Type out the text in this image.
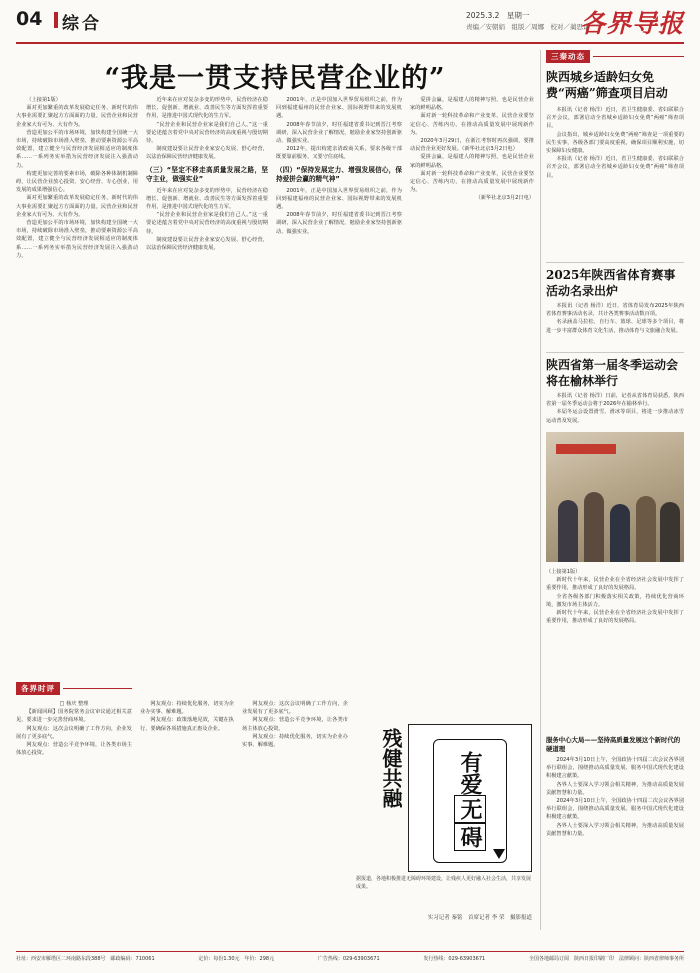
04 综合	2025.3.2　星期一
责编／安朝娟　组版／周娜　校对／蔺思诺
各界导报
“我是一贯支持民营企业的”

（上接第1版）

面对更加繁重的改革发展稳定任务，新时代的伟大事业需要汇聚起方方面面的力量。民营企业和民营企业家大有可为、大有作为。

营造更加公平的市场环境，加快构建全国统一大市场，持续破除市场准入壁垒，推动要素资源公平高效配置，建立健全与民营经济发展相适应的制度体系……一系列务实举措为民营经济发展注入强劲动力。

构建更加完善的要素市场，破除各种体制机制障碍，让民营企业放心投资、安心经营、专心创业，用发展的成果增强信心。

面对更加繁重的改革发展稳定任务，新时代的伟大事业需要汇聚起方方面面的力量。民营企业和民营企业家大有可为、大有作为。

营造更加公平的市场环境，加快构建全国统一大市场，持续破除市场准入壁垒，推动要素资源公平高效配置，建立健全与民营经济发展相适应的制度体系……一系列务实举措为民营经济发展注入强劲动力。

近年来在应对复杂多变的形势中，民营经济在稳增长、促创新、增就业、改善民生等方面发挥着重要作用，是推进中国式现代化的生力军。

“民营企业和民营企业家是我们自己人。”这一重要论述蕴含着党中央对民营经济的高度重视与殷切期待。

制度建设要让民营企业家安心发展、舒心经营，以法治保障民营经济健康发展。

（三）“坚定不移走高质量发展之路，坚守主业，做强实业”

近年来在应对复杂多变的形势中，民营经济在稳增长、促创新、增就业、改善民生等方面发挥着重要作用，是推进中国式现代化的生力军。

“民营企业和民营企业家是我们自己人。”这一重要论述蕴含着党中央对民营经济的高度重视与殷切期待。

制度建设要让民营企业家安心发展、舒心经营，以法治保障民营经济健康发展。

2001年，正是中国加入世界贸易组织之前，作为回到福建福州的民营企业家、国际视野带来的发展机遇。

2008年春节前夕，时任福建省委书记到晋江考察调研，深入民营企业了解情况，勉励企业家坚持创新驱动、做强实业。

2012年，提出构建亲清政商关系，要求各级干部既要靠前服务、又要守住底线。

（四）“保持发展定力、增强发展信心，保持爱拼会赢的精气神”

2001年，正是中国加入世界贸易组织之前，作为回到福建福州的民营企业家、国际视野带来的发展机遇。

2008年春节前夕，时任福建省委书记到晋江考察调研，深入民营企业了解情况，勉励企业家坚持创新驱动、做强实业。

爱拼会赢，是福建人的精神写照，也是民营企业家的鲜明品格。

面对新一轮科技革命和产业变革，民营企业要坚定信心、苦练内功，在推动高质量发展中展现新作为。

2020年3月29日，在浙江考察时再次强调，要推动民营企业更好发展。（新华社北京3月2日电）

爱拼会赢，是福建人的精神写照，也是民营企业家的鲜明品格。

面对新一轮科技革命和产业变革，民营企业要坚定信心、苦练内功，在推动高质量发展中展现新作为。

（新华社北京3月2日电）

各界时评

□ 杨庆 整理

【新闻回顾】国务院常务会议审议通过相关意见，要求进一步完善营商环境。

网友观点：这次会议明确了工作方向，企业发展有了更多底气。

网友观点：营造公平竞争环境，让各类市场主体放心投资。

网友观点：持续优化服务，切实为企业办实事、解难题。

网友观点：政策落地见效，关键在执行，要确保各项措施真正惠及企业。

网友观点：这次会议明确了工作方向，企业发展有了更多底气。

网友观点：营造公平竞争环境，让各类市场主体放心投资。

网友观点：持续优化服务，切实为企业办实事、解难题。	残健共融 有爱无碍
据报道，各地积极推进无障碍环境建设，让残疾人更好融入社会生活，共享发展成果。
实习记者 秦铭　首席记者 李 荣　摄影报道
三秦动态
陕西城乡适龄妇女免费“两癌”筛查项目启动

本报讯（记者 杨洋）近日，省卫生健康委、省妇联联合召开会议，部署启动全省城乡适龄妇女免费“两癌”筛查项目。

会议指出，城乡适龄妇女免费“两癌”筛查是一项重要的民生实事，各级各部门要高度重视，确保项目顺利实施，切实保障妇女健康。

本报讯（记者 杨洋）近日，省卫生健康委、省妇联联合召开会议，部署启动全省城乡适龄妇女免费“两癌”筛查项目。

2025年陕西省体育赛事活动名录出炉

本报讯（记者 杨洋）近日，省体育局发布2025年陕西省体育赛事活动名录，共计各类赛事活动数百项。

名录涵盖马拉松、自行车、篮球、足球等多个项目，将进一步丰富群众体育文化生活，推动体育与文旅融合发展。

陕西省第一届冬季运动会将在榆林举行

本报讯（记者 杨洋）日前，记者从省体育局获悉，陕西省第一届冬季运动会将于2026年在榆林举行。

本届冬运会设置滑雪、滑冰等项目，将进一步推动冰雪运动普及发展。

（上接第1版）

新时代十年来，民营企业在全省经济社会发展中发挥了重要作用，推动形成了良好的发展格局。

全省各级各部门积极落实相关政策，持续优化营商环境，激发市场主体活力。

新时代十年来，民营企业在全省经济社会发展中发挥了重要作用，推动形成了良好的发展格局。

服务中心大局——坚持高质量发展这个新时代的硬道理

2024年3月10日上午，全国政协十四届二次会议各界别举行联组会，围绕推动高质量发展、服务中国式现代化建设积极建言献策。

各界人士要深入学习领会相关精神，为推动高质量发展贡献智慧和力量。

2024年3月10日上午，全国政协十四届二次会议各界别举行联组会，围绕推动高质量发展、服务中国式现代化建设积极建言献策。

各界人士要深入学习领会相关精神，为推动高质量发展贡献智慧和力量。

社址：西安市雁塔区二环南路东段388号　邮政编码：710061	定价：每份1.30元　年价：298元	广告热线：029-63903671	发行热线：029-63903671	全国各地邮局订阅　陕西日报印刷厂印　法律顾问：陕西省律师事务所
